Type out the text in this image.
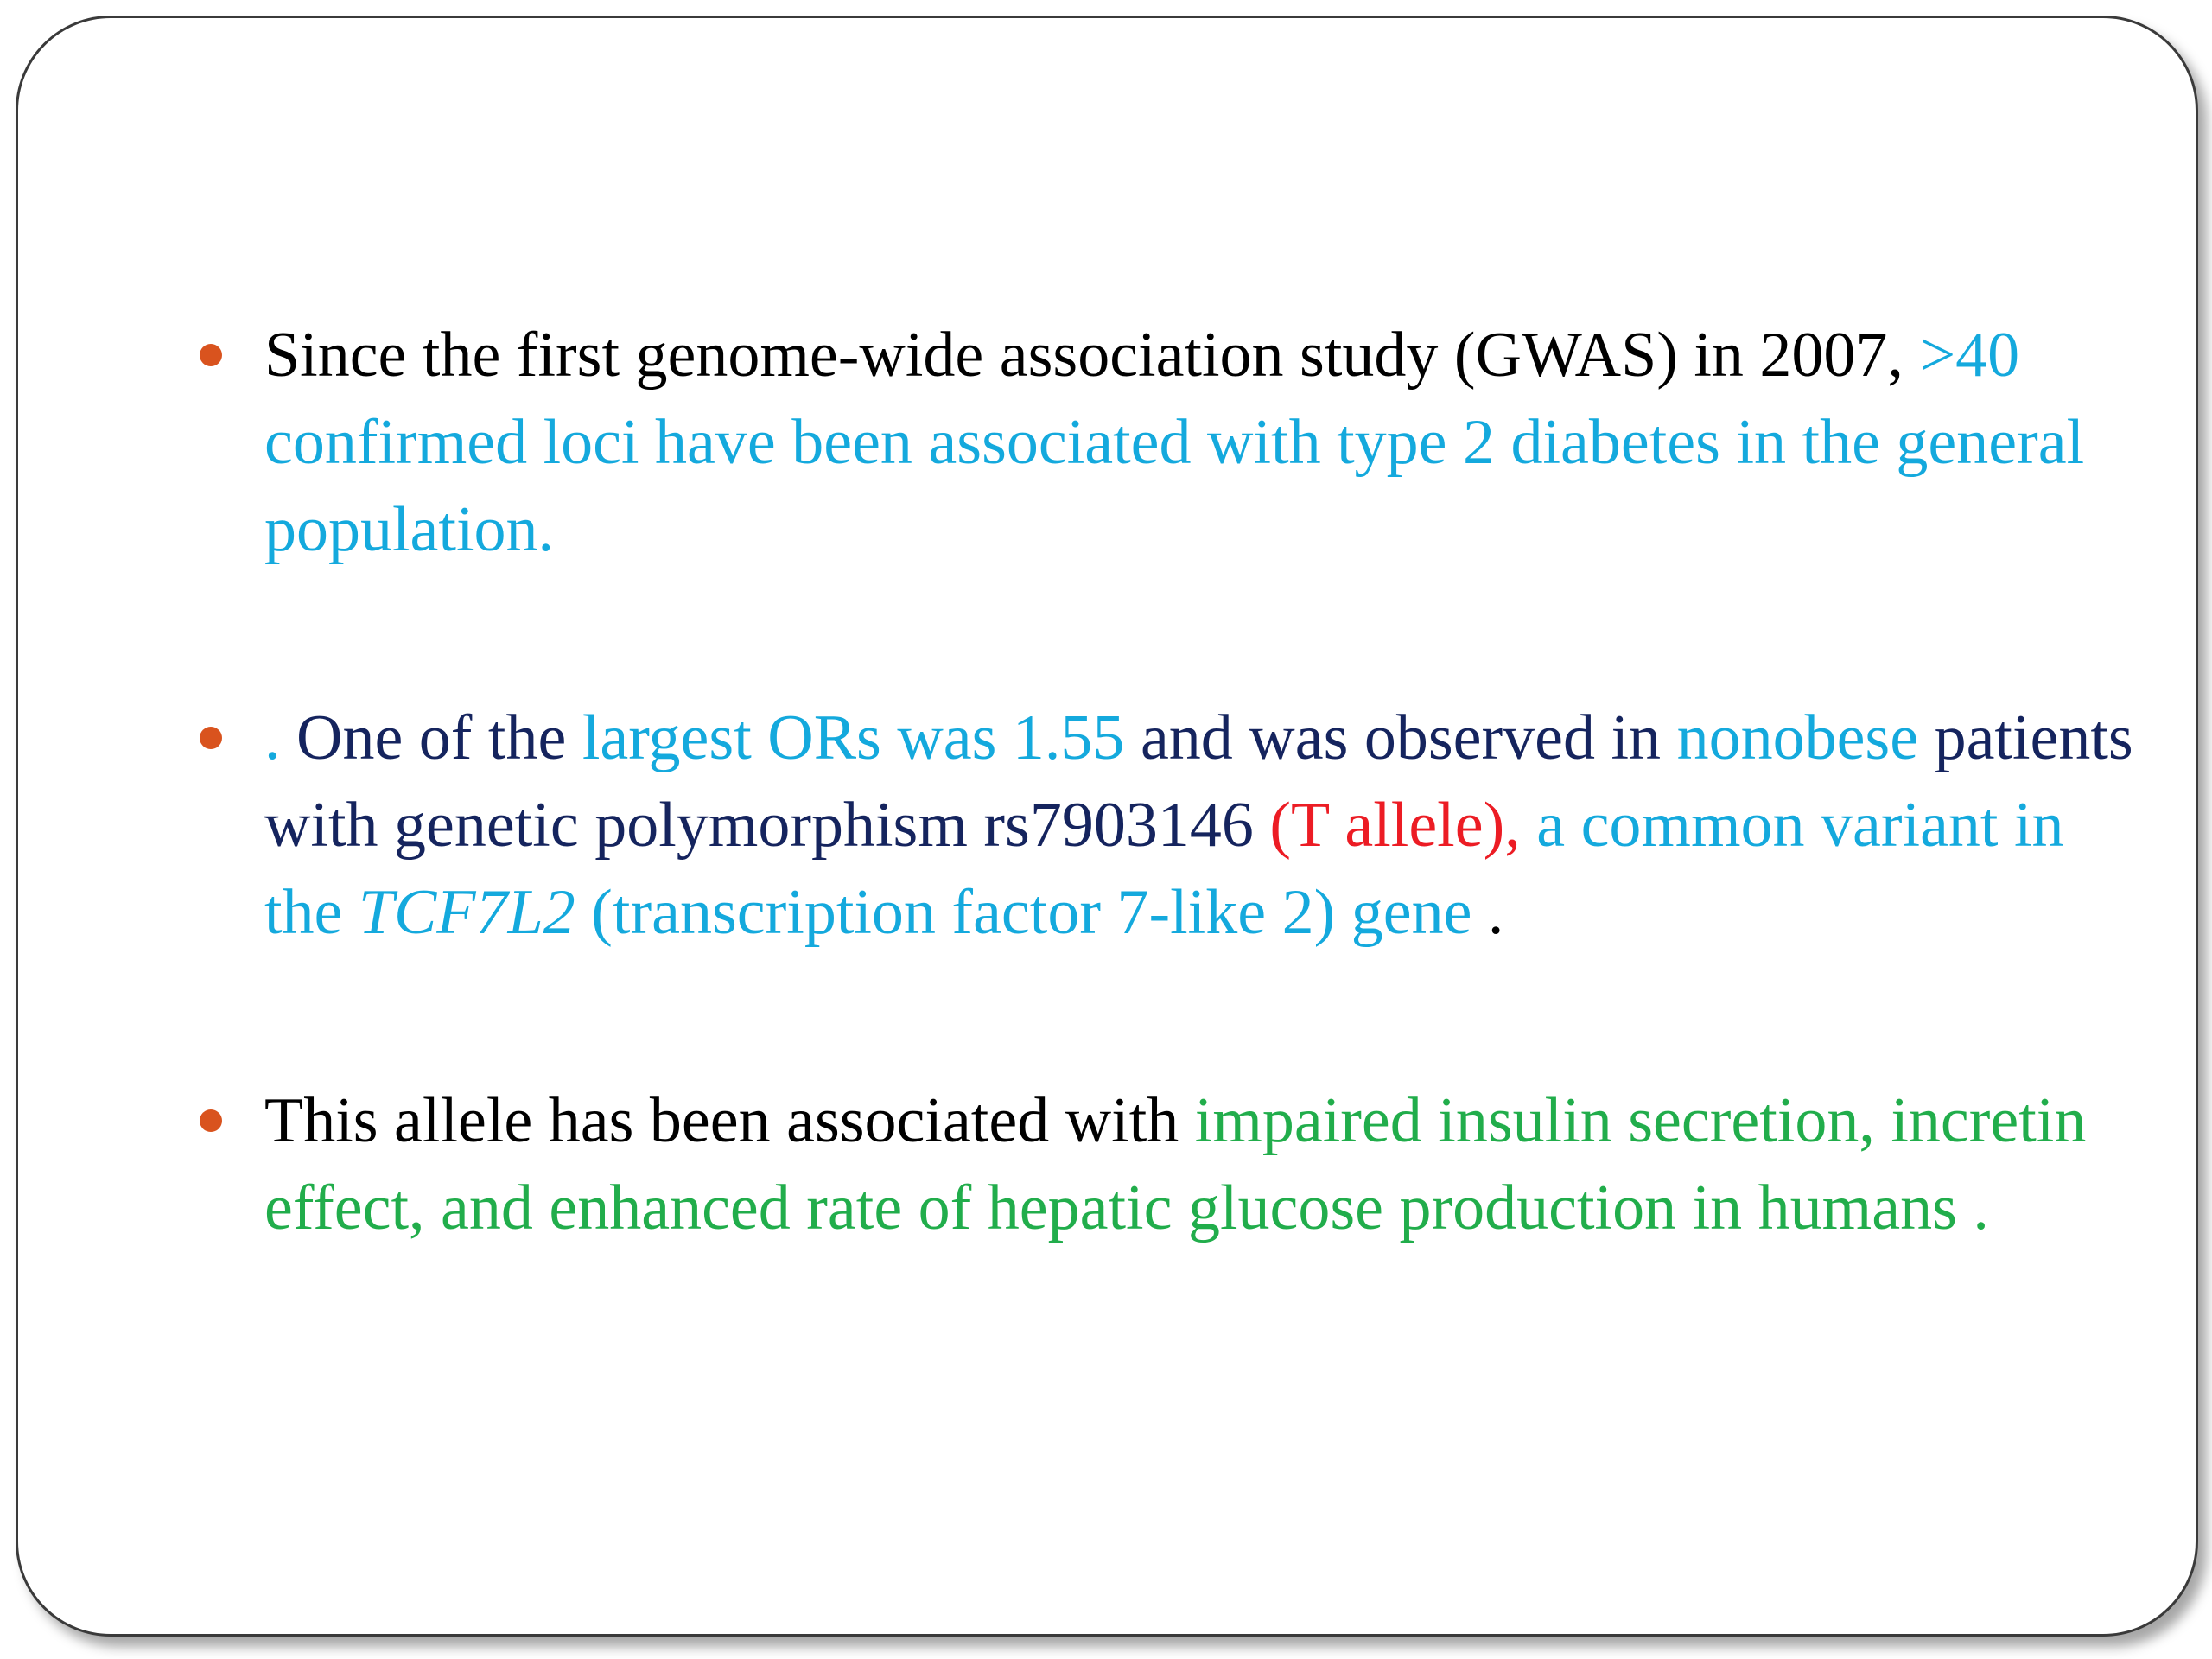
Since the first genome-wide association study (GWAS) in 2007, >40 confirmed loci have been associated with type 2 diabetes in the general population.
. One of the largest ORs was 1.55 and was observed in nonobese patients with genetic polymorphism rs7903146 (T allele), a common variant in the TCF7L2 (transcription factor 7-like 2) gene .
This allele has been associated with impaired insulin secretion, incretin effect, and enhanced rate of hepatic glucose production in humans .
